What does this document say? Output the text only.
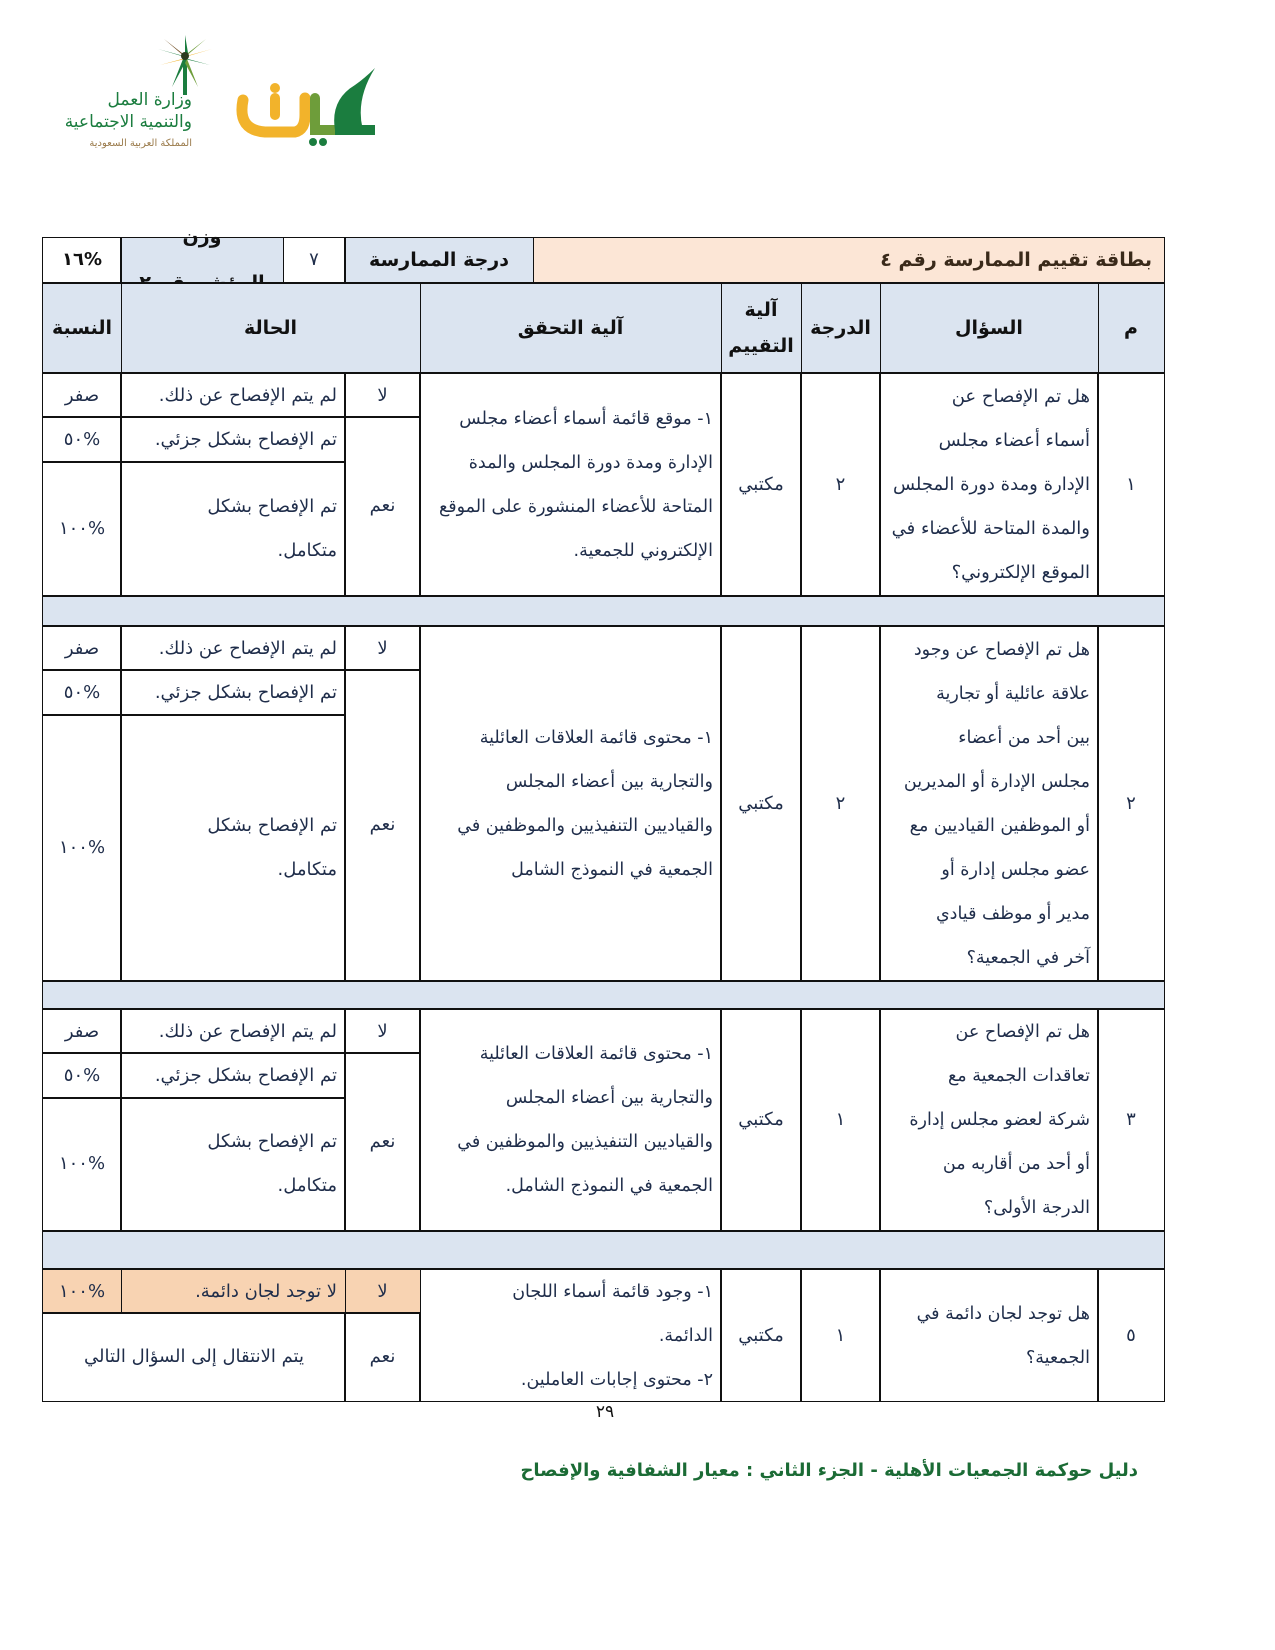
وزارة العمل
والتنمية الاجتماعية
المملكة العربية السعودية
بطاقة تقييم الممارسة رقم ٤
درجة الممارسة
٧
وزن
%١٦
م
السؤال
الدرجة
آلية
التقييم
آلية التحقق
الحالة
النسبة
١
هل تم الإفصاح عن
أسماء أعضاء مجلس
الإدارة ومدة دورة المجلس
والمدة المتاحة للأعضاء في
الموقع الإلكتروني؟
٢
مكتبي
١- موقع قائمة أسماء أعضاء مجلس
الإدارة ومدة دورة المجلس والمدة
المتاحة للأعضاء المنشورة على الموقع
الإلكتروني للجمعية.
لا
نعم
لم يتم الإفصاح عن ذلك.
تم الإفصاح بشكل جزئي.
تم الإفصاح بشكل
متكامل.
صفر
%٥٠
%١٠٠
٢
هل تم الإفصاح عن وجود
علاقة عائلية أو تجارية
بين أحد من أعضاء
مجلس الإدارة أو المديرين
أو الموظفين القياديين مع
عضو مجلس إدارة أو
مدير أو موظف قيادي
آخر في الجمعية؟
٢
مكتبي
١- محتوى قائمة العلاقات العائلية
والتجارية بين أعضاء المجلس
والقياديين التنفيذيين والموظفين في
الجمعية في النموذج الشامل
لا
نعم
لم يتم الإفصاح عن ذلك.
تم الإفصاح بشكل جزئي.
تم الإفصاح بشكل
متكامل.
صفر
%٥٠
%١٠٠
٣
هل تم الإفصاح عن
تعاقدات الجمعية مع
شركة لعضو مجلس إدارة
أو أحد من أقاربه من
الدرجة الأولى؟
١
مكتبي
١- محتوى قائمة العلاقات العائلية
والتجارية بين أعضاء المجلس
والقياديين التنفيذيين والموظفين في
الجمعية في النموذج الشامل.
لا
نعم
لم يتم الإفصاح عن ذلك.
تم الإفصاح بشكل جزئي.
تم الإفصاح بشكل
متكامل.
صفر
%٥٠
%١٠٠
٥
هل توجد لجان دائمة في
الجمعية؟
١
مكتبي
١- وجود قائمة أسماء اللجان
الدائمة.
٢- محتوى إجابات العاملين.
لا
نعم
لا توجد لجان دائمة.
%١٠٠
يتم الانتقال إلى السؤال التالي
٢٩
دليل حوكمة الجمعيات الأهلية - الجزء الثاني : معيار الشفافية والإفصاح
